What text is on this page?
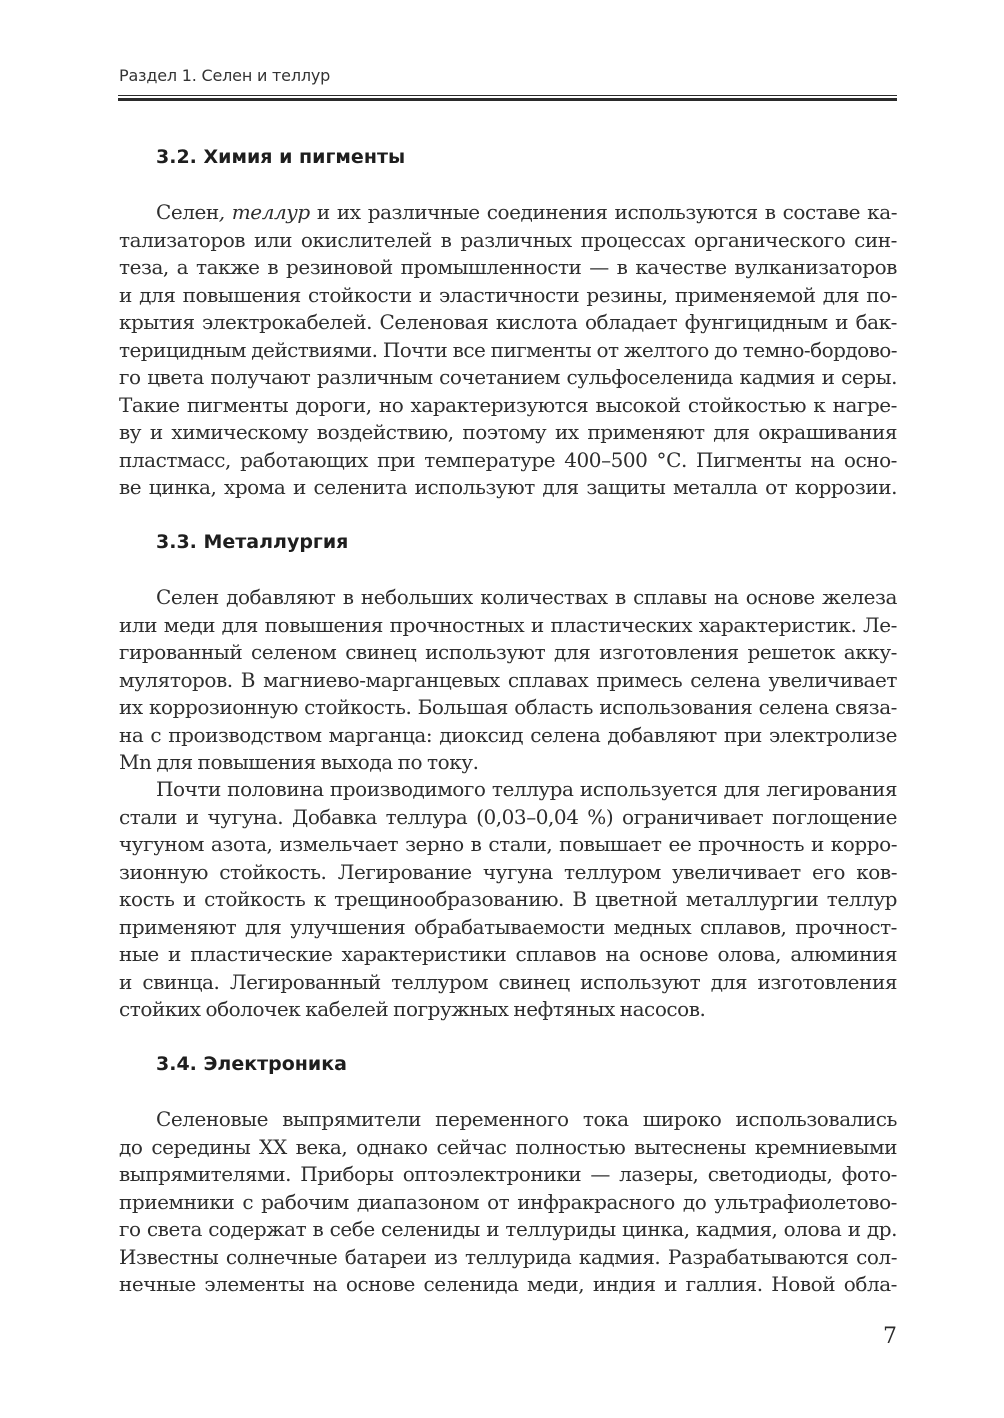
Раздел 1. Селен и теллур
3.2. Химия и пигменты
Селен, теллур и их различные соединения используются в составе ка-
тализаторов или окислителей в различных процессах органического син-
теза, а также в резиновой промышленности — в качестве вулканизаторов
и для повышения стойкости и эластичности резины, применяемой для по-
крытия электрокабелей. Селеновая кислота обладает фунгицидным и бак-
терицидным действиями. Почти все пигменты от желтого до темно-бордово-
го цвета получают различным сочетанием сульфоселенида кадмия и серы.
Такие пигменты дороги, но характеризуются высокой стойкостью к нагре-
ву и химическому воздействию, поэтому их применяют для окрашивания
пластмасс, работающих при температуре 400–500 °С. Пигменты на осно-
ве цинка, хрома и селенита используют для защиты металла от коррозии.
3.3. Металлургия
Селен добавляют в небольших количествах в сплавы на основе железа
или меди для повышения прочностных и пластических характеристик. Ле-
гированный селеном свинец используют для изготовления решеток акку-
муляторов. В магниево-марганцевых сплавах примесь селена увеличивает
их коррозионную стойкость. Большая область использования селена связа-
на с производством марганца: диоксид селена добавляют при электролизе
Mn для повышения выхода по току.
Почти половина производимого теллура используется для легирования
стали и чугуна. Добавка теллура (0,03–0,04 %) ограничивает поглощение
чугуном азота, измельчает зерно в стали, повышает ее прочность и корро-
зионную стойкость. Легирование чугуна теллуром увеличивает его ков-
кость и стойкость к трещинообразованию. В цветной металлургии теллур
применяют для улучшения обрабатываемости медных сплавов, прочност-
ные и пластические характеристики сплавов на основе олова, алюминия
и свинца. Легированный теллуром свинец используют для изготовления
стойких оболочек кабелей погружных нефтяных насосов.
3.4. Электроника
Селеновые выпрямители переменного тока широко использовались
до середины XX века, однако сейчас полностью вытеснены кремниевыми
выпрямителями. Приборы оптоэлектроники — лазеры, светодиоды, фото-
приемники с рабочим диапазоном от инфракрасного до ультрафиолетово-
го света содержат в себе селениды и теллуриды цинка, кадмия, олова и др.
Известны солнечные батареи из теллурида кадмия. Разрабатываются сол-
нечные элементы на основе селенида меди, индия и галлия. Новой обла-
7
